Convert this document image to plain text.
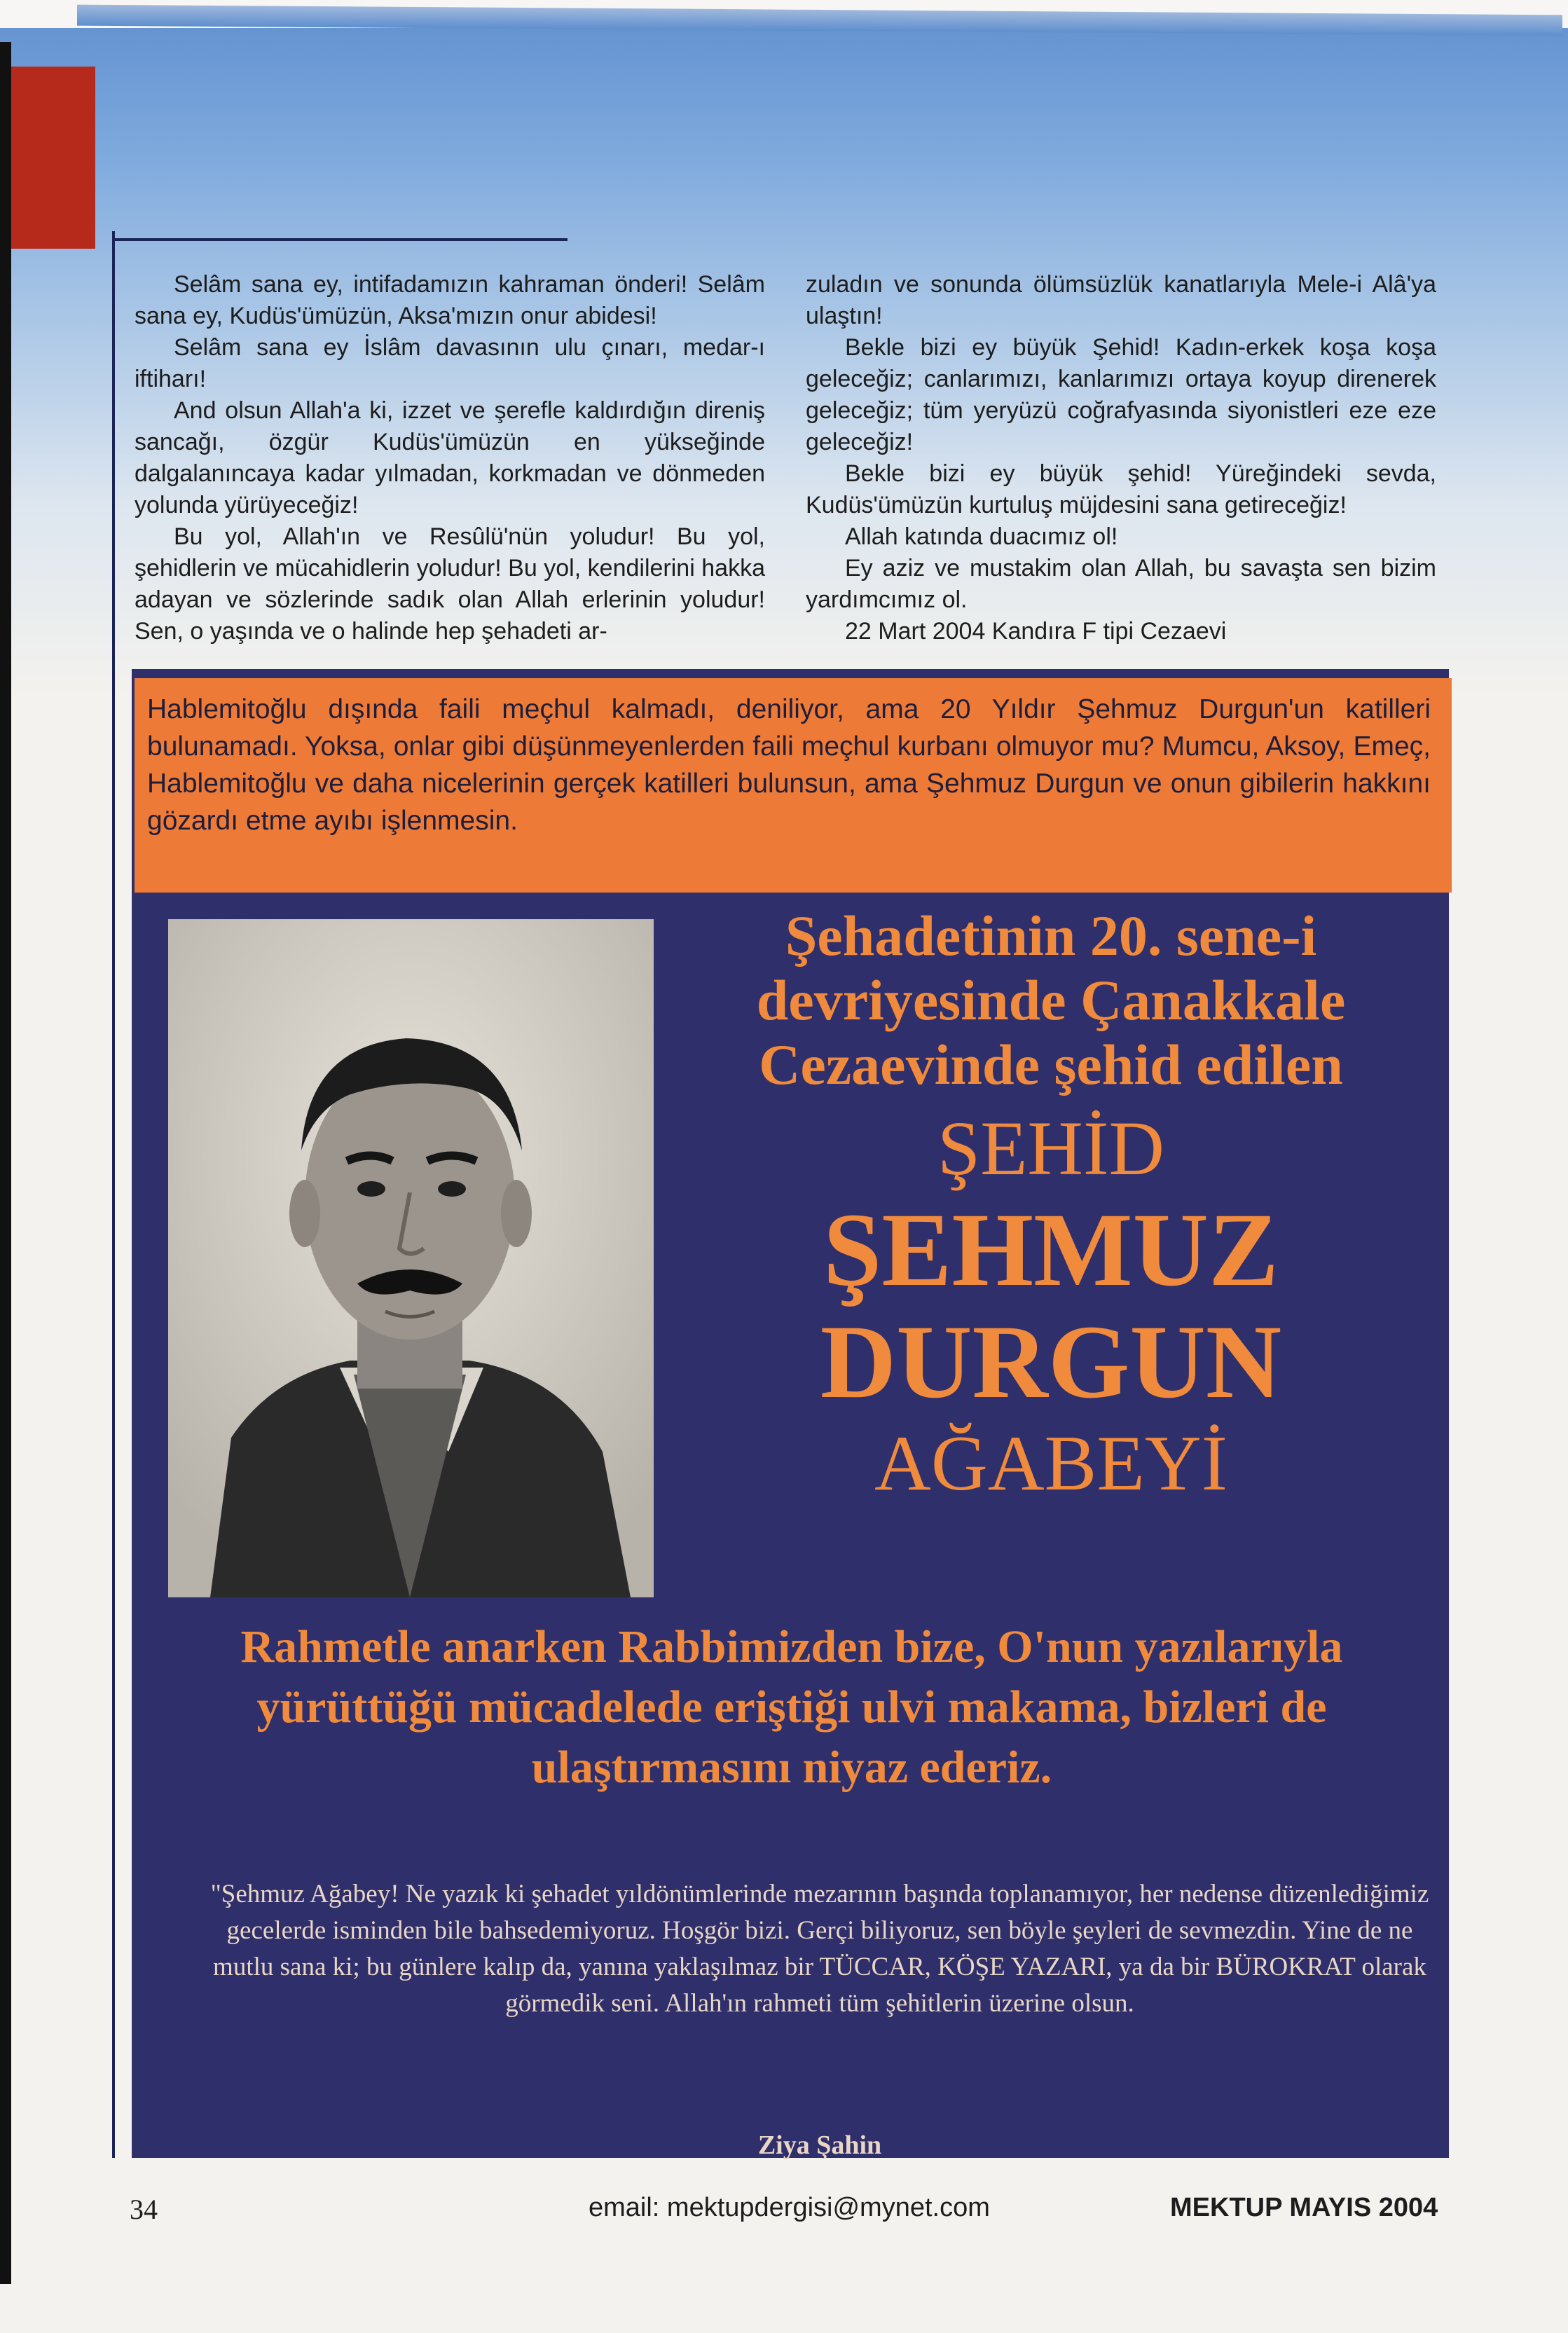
Selâm sana ey, intifadamızın kahraman önderi! Selâm sana ey, Kudüs'ümüzün, Aksa'mızın onur abidesi!

Selâm sana ey İslâm davasının ulu çınarı, medar-ı iftiharı!

And olsun Allah'a ki, izzet ve şerefle kaldırdığın direniş sancağı, özgür Kudüs'ümüzün en yükseğinde dalgalanıncaya kadar yılmadan, korkmadan ve dönmeden yolunda yürüyeceğiz!

Bu yol, Allah'ın ve Resûlü'nün yoludur! Bu yol, şehidlerin ve mücahidlerin yoludur! Bu yol, kendilerini hakka adayan ve sözlerinde sadık olan Allah erlerinin yoludur! Sen, o yaşında ve o halinde hep şehadeti ar-

zuladın ve sonunda ölümsüzlük kanatlarıyla Mele-i Alâ'ya ulaştın!

Bekle bizi ey büyük Şehid! Kadın-erkek koşa koşa geleceğiz; canlarımızı, kanlarımızı ortaya koyup direnerek geleceğiz; tüm yeryüzü coğrafyasında siyonistleri eze eze geleceğiz!

Bekle bizi ey büyük şehid! Yüreğindeki sevda, Kudüs'ümüzün kurtuluş müjdesini sana getireceğiz!

Allah katında duacımız ol!

Ey aziz ve mustakim olan Allah, bu savaşta sen bizim yardımcımız ol.

22 Mart 2004 Kandıra F tipi Cezaevi

Hablemitoğlu dışında faili meçhul kalmadı, deniliyor, ama 20 Yıldır Şehmuz Durgun'un katilleri bulunamadı. Yoksa, onlar gibi düşünmeyenlerden faili meçhul kurbanı olmuyor mu? Mumcu, Aksoy, Emeç, Hablemitoğlu ve daha nicelerinin gerçek katilleri bulunsun, ama Şehmuz Durgun ve onun gibilerin hakkını gözardı etme ayıbı işlenmesin.
Şehadetinin 20. sene-i devriyesinde Çanakkale Cezaevinde şehid edilen
ŞEHİD
ŞEHMUZ
DURGUN
AĞABEYİ
Rahmetle anarken Rabbimizden bize, O'nun yazılarıyla yürüttüğü mücadelede eriştiği ulvi makama, bizleri de ulaştırmasını niyaz ederiz.
"Şehmuz Ağabey! Ne yazık ki şehadet yıldönümlerinde mezarının başında toplanamıyor, her nedense düzenlediğimiz gecelerde isminden bile bahsedemiyoruz. Hoşgör bizi. Gerçi biliyoruz, sen böyle şeyleri de sevmezdin. Yine de ne mutlu sana ki; bu günlere kalıp da, yanına yaklaşılmaz bir TÜCCAR, KÖŞE YAZARI, ya da bir BÜROKRAT olarak görmedik seni. Allah'ın rahmeti tüm şehitlerin üzerine olsun.
Ziya Şahin
34	email: mektupdergisi@mynet.com	MEKTUP MAYIS 2004
